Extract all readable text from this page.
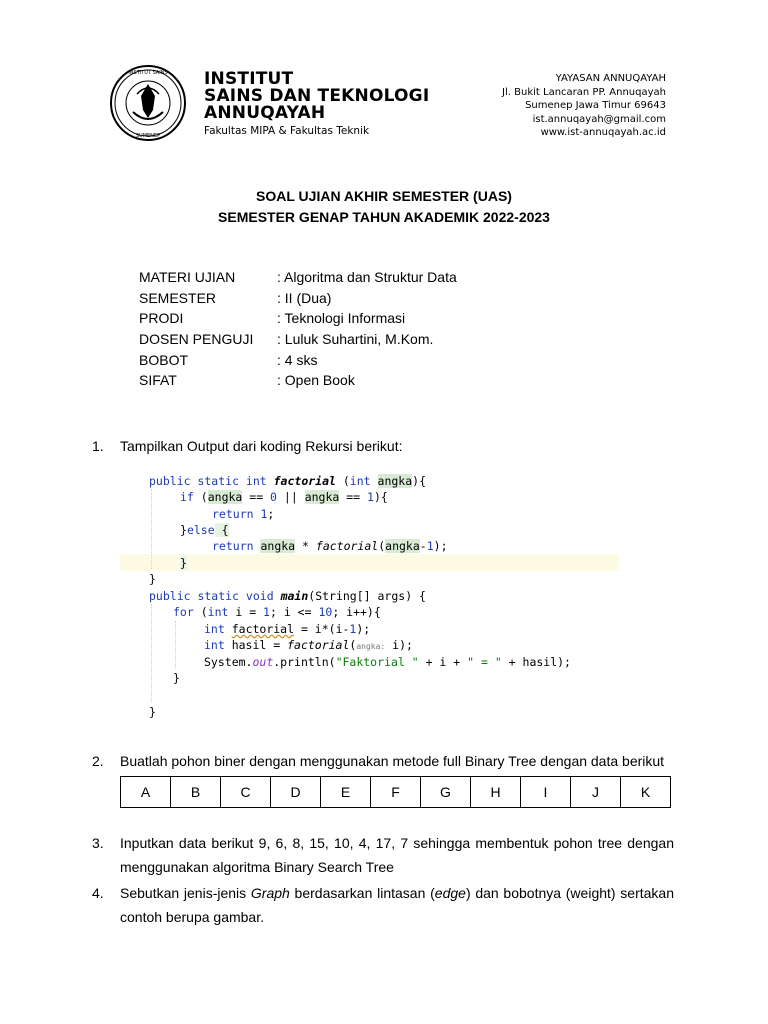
INSTITUT SAINS
SUMENEP
INSTITUT
SAINS DAN TEKNOLOGI
ANNUQAYAH
Fakultas MIPA & Fakultas Teknik
YAYASAN ANNUQAYAH
Jl. Bukit Lancaran PP. Annuqayah
Sumenep Jawa Timur 69643
ist.annuqayah@gmail.com
www.ist-annuqayah.ac.id
SOAL UJIAN AKHIR SEMESTER (UAS)
SEMESTER GENAP TAHUN AKADEMIK 2022-2023
MATERI UJIAN	: Algoritma dan Struktur Data
SEMESTER	: II (Dua)
PRODI	: Teknologi Informasi
DOSEN PENGUJI	: Luluk Suhartini, M.Kom.
BOBOT	: 4 sks
SIFAT	: Open Book
1. Tampilkan Output dari koding Rekursi berikut:
public static int factorial (int angka){
if (angka == 0 || angka == 1){
return 1;
}else {
return angka * factorial(angka-1);
}
}
public static void main(String[] args) {
for (int i = 1; i <= 10; i++){
int factorial = i*(i-1);
int hasil = factorial(angka: i);
System.out.println("Faktorial " + i + " = " + hasil);
}
}
2. Buatlah pohon biner dengan menggunakan metode full Binary Tree dengan data berikut
A	B	C	D	E	F	G	H	I	J	K
3. Inputkan data berikut 9, 6, 8, 15, 10, 4, 17, 7 sehingga membentuk pohon tree dengan menggunakan algoritma Binary Search Tree
4. Sebutkan jenis-jenis Graph berdasarkan lintasan (edge) dan bobotnya (weight) sertakan contoh berupa gambar.
